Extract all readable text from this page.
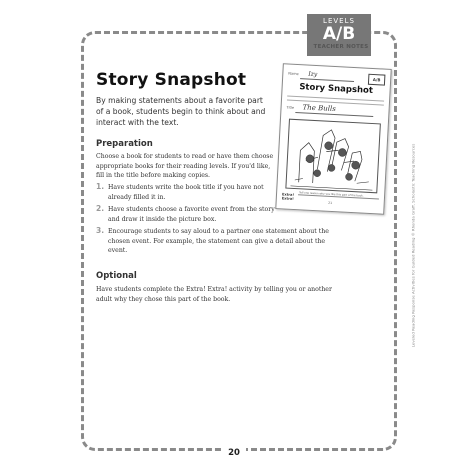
LEVELS
A/B
TEACHER NOTES
Story Snapshot
By making statements about a favorite part of a book, students begin to think about and interact with the text.
Preparation
Choose a book for students to read or have them choose appropriate books for their reading levels. If you'd like, fill in the title before making copies.
1. Have students write the book title if you have not already filled it in.
2. Have students choose a favorite event from the story and draw it inside the picture box.
3. Encourage students to say aloud to a partner one statement about the chosen event. For example, the statement can give a detail about the event.
Optional
Have students complete the Extra! Extra! activity by telling you or another adult why they chose this part of the book.
20
Leveled Reading Response Activities for Guided Reading © Rhonda Graff, Scholastic Teaching Resources
Name Izy
A/B
Story Snapshot
Title The Bulls
Extra! Extra!
Tell one reason why you like this part of the book.
21
